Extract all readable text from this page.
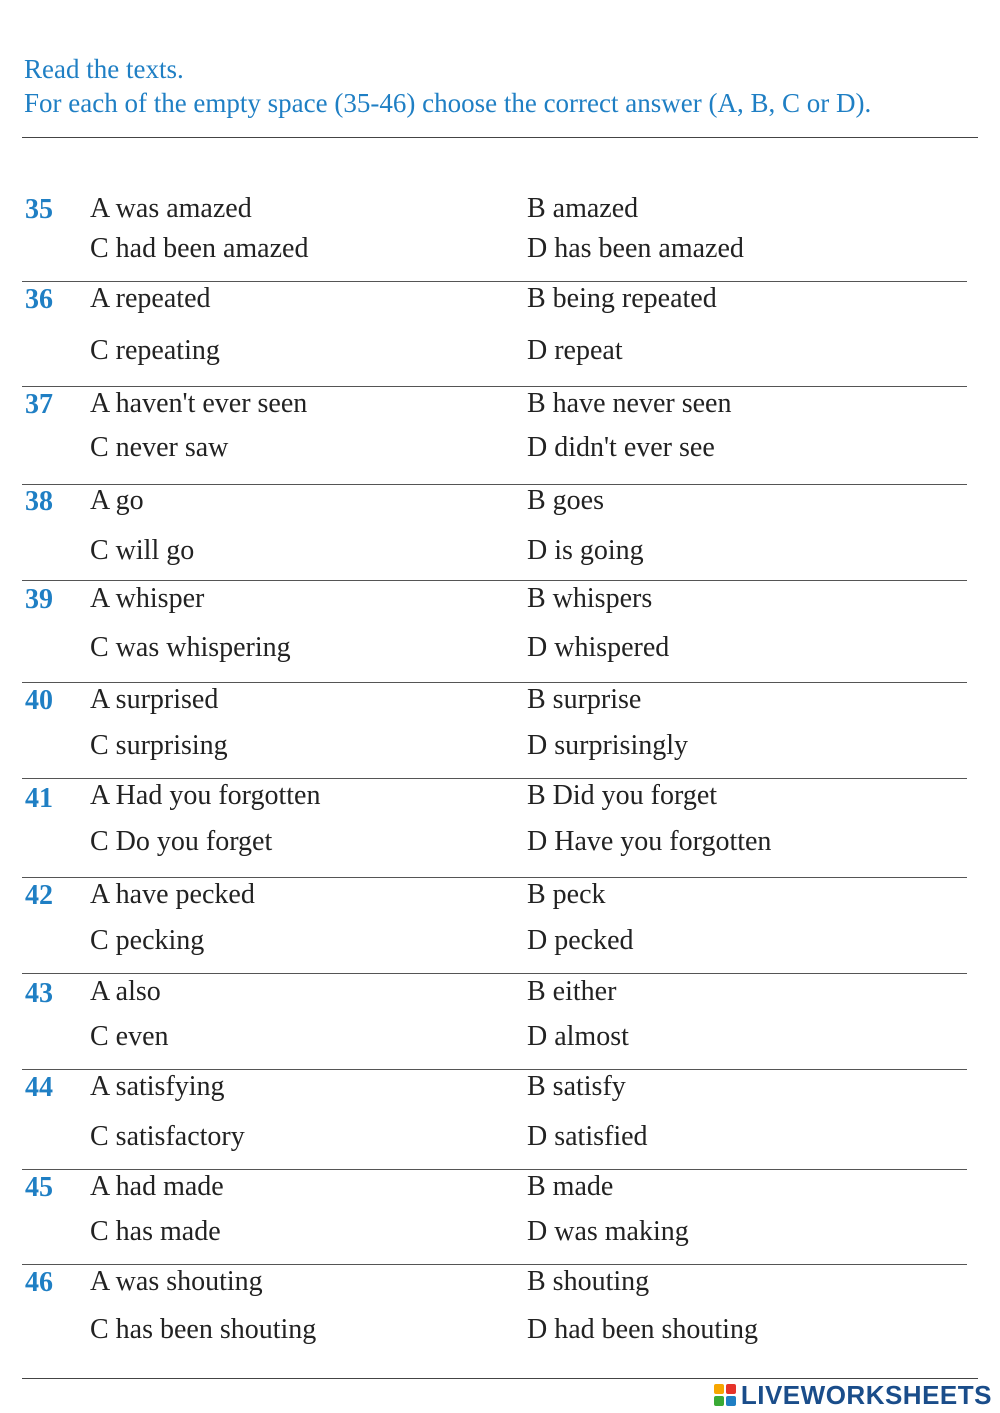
Read the texts.
For each of the empty space (35-46) choose the correct answer (A, B, C or D).
35 A was amazed	B amazed
C had been amazed	D has been amazed
36 A repeated	B being repeated
C repeating	D repeat
37 A haven't ever seen	B have never seen
C never saw	D didn't ever see
38 A go	B goes
C will go	D is going
39 A whisper	B whispers
C was whispering	D whispered
40 A surprised	B surprise
C surprising	D surprisingly
41 A Had you forgotten	B Did you forget
C Do you forget	D Have you forgotten
42 A have pecked	B peck
C pecking	D pecked
43 A also	B either
C even	D almost
44 A satisfying	B satisfy
C satisfactory	D satisfied
45 A had made	B made
C has made	D was making
46 A was shouting	B shouting
C has been shouting	D had been shouting
LIVEWORKSHEETS
